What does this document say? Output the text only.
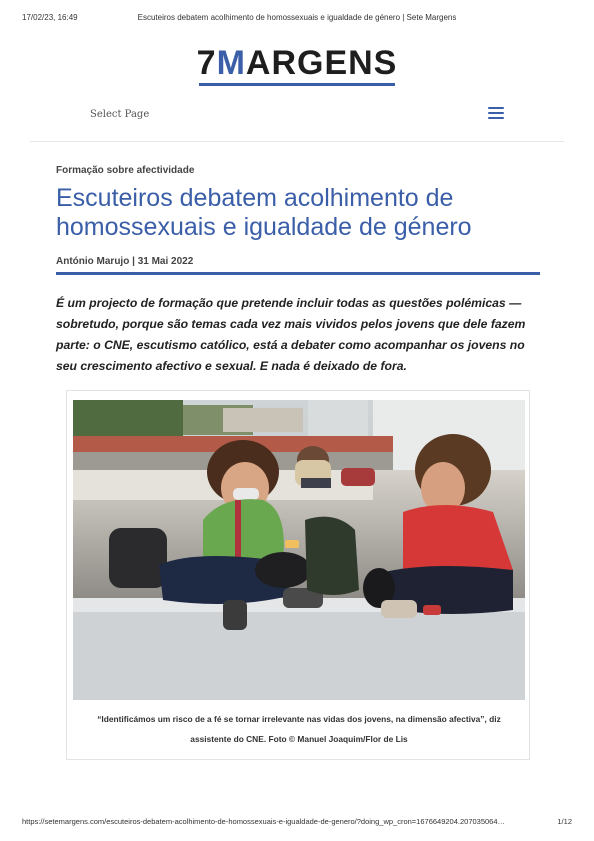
17/02/23, 16:49	Escuteiros debatem acolhimento de homossexuais e igualdade de género | Sete Margens
7MARGENS
Select Page
Formação sobre afectividade
Escuteiros debatem acolhimento de homossexuais e igualdade de género
António Marujo | 31 Mai 2022

É um projecto de formação que pretende incluir todas as questões polémicas — sobretudo, porque são temas cada vez mais vividos pelos jovens que dele fazem parte: o CNE, escutismo católico, está a debater como acompanhar os jovens no seu crescimento afectivo e sexual. E nada é deixado de fora.

“Identificámos um risco de a fé se tornar irrelevante nas vidas dos jovens, na dimensão afectiva”, diz assistente do CNE. Foto © Manuel Joaquim/Flor de Lis

https://setemargens.com/escuteiros-debatem-acolhimento-de-homossexuais-e-igualdade-de-genero/?doing_wp_cron=1676649204.207035064…	1/12
